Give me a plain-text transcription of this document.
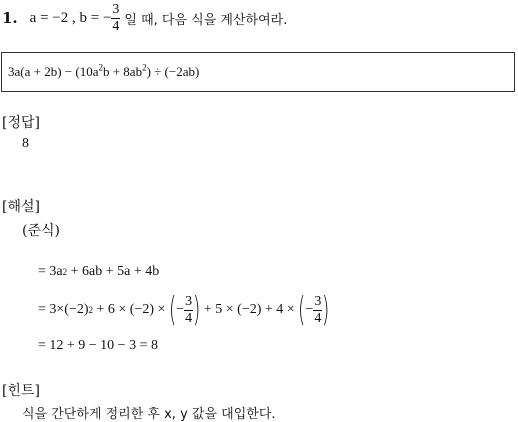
1. a = −2 , b = − $\frac{3}{4}$ 일 때, 다음 식을 계산하여라.
$3a(a + 2b) - (10a^2b + 8ab^2) \div (-2ab)$
[정답]
8
[해설]
(준식)
= 3a 2 + 6ab + 5a + 4b
= 3×(−2) 2 + 6 × (−2) × ( − $\frac{3}{4}$ ) + 5 × (−2) + 4 × ( − $\frac{3}{4}$ )
= 12 + 9 − 10 − 3 = 8
[힌트]
식을 간단하게 정리한 후 x, y 값을 대입한다.
